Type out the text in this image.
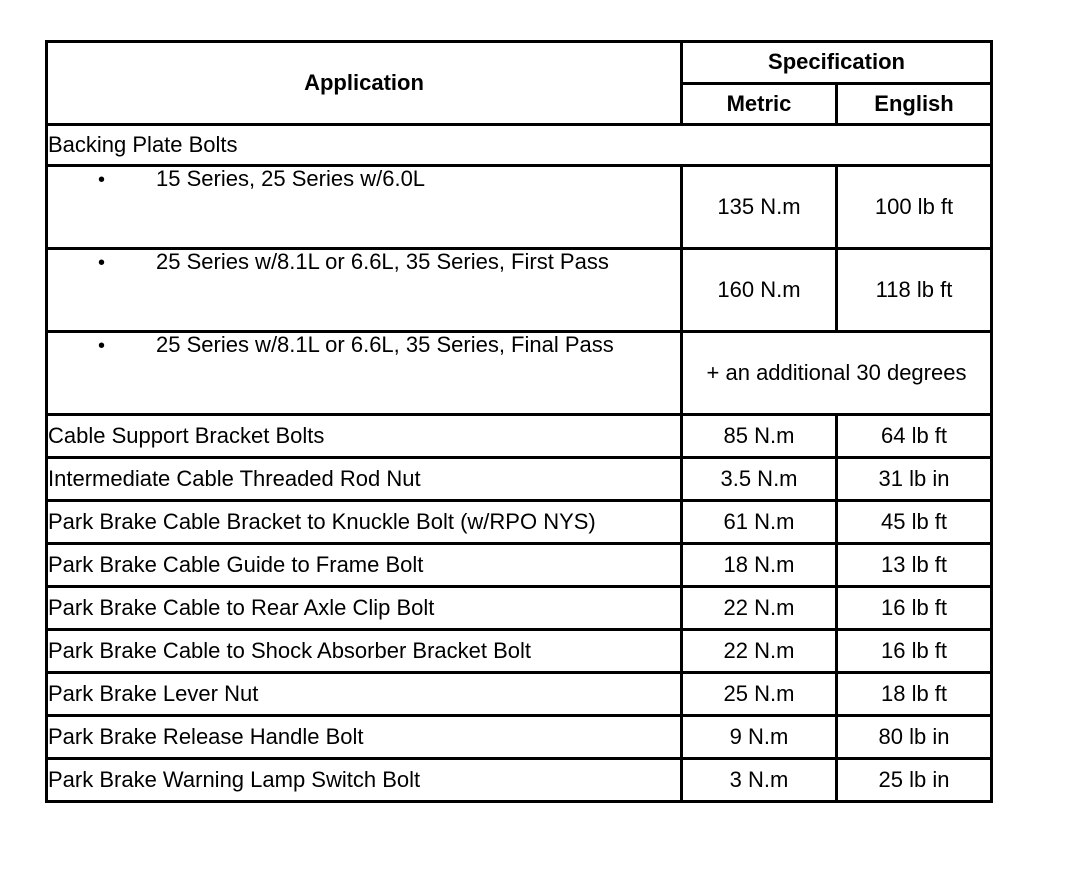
Application	Specification	
	Metric	English
Backing Plate Bolts		
• 15 Series, 25 Series w/6.0L	135 N.m	100 lb ft
• 25 Series w/8.1L or 6.6L, 35 Series, First Pass	160 N.m	118 lb ft
• 25 Series w/8.1L or 6.6L, 35 Series, Final Pass	+ an additional 30 degrees	
Cable Support Bracket Bolts	85 N.m	64 lb ft
Intermediate Cable Threaded Rod Nut	3.5 N.m	31 lb in
Park Brake Cable Bracket to Knuckle Bolt (w/RPO NYS)	61 N.m	45 lb ft
Park Brake Cable Guide to Frame Bolt	18 N.m	13 lb ft
Park Brake Cable to Rear Axle Clip Bolt	22 N.m	16 lb ft
Park Brake Cable to Shock Absorber Bracket Bolt	22 N.m	16 lb ft
Park Brake Lever Nut	25 N.m	18 lb ft
Park Brake Release Handle Bolt	9 N.m	80 lb in
Park Brake Warning Lamp Switch Bolt	3 N.m	25 lb in
